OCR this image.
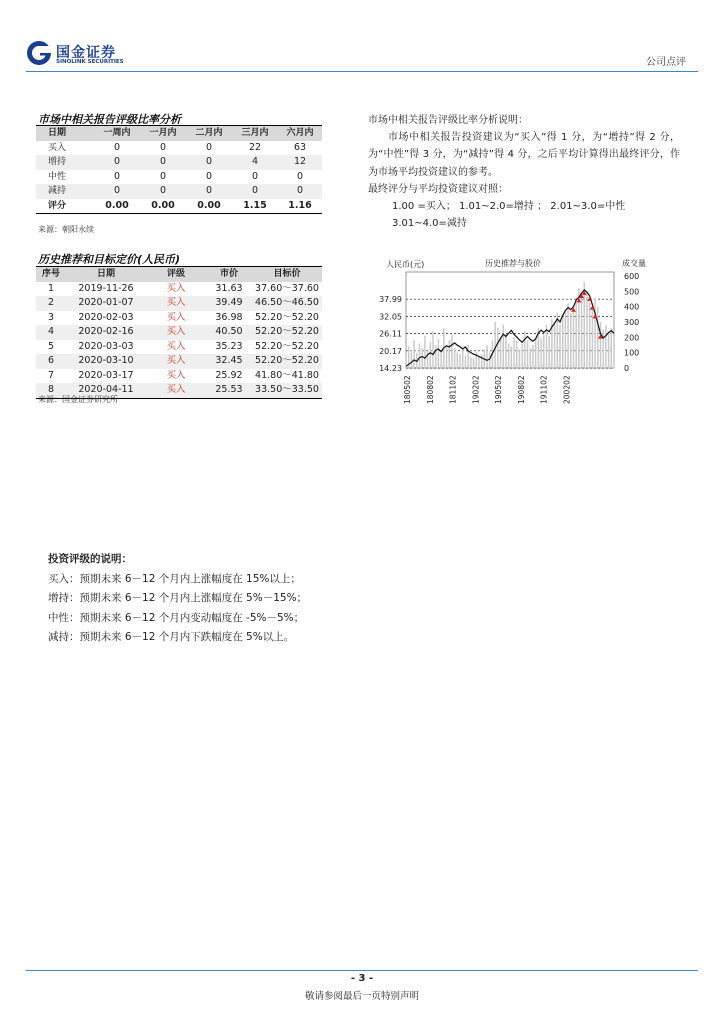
国金证券
SINOLINK SECURITIES	公司点评
市场中相关报告评级比率分析
日期	一周内	一月内	二月内	三月内	六月内
买入	0	0	0	22	63
增持	0	0	0	4	12
中性	0	0	0	0	0
减持	0	0	0	0	0
评分	0.00	0.00	0.00	1.15	1.16
来源：朝阳永续
历史推荐和目标定价(人民币)
序号	日期	评级	市价	目标价
1	2019-11-26	买入	31.63	37.60～37.60
2	2020-01-07	买入	39.49	46.50～46.50
3	2020-02-03	买入	36.98	52.20～52.20
4	2020-02-16	买入	40.50	52.20～52.20
5	2020-03-03	买入	35.23	52.20～52.20
6	2020-03-10	买入	32.45	52.20～52.20
7	2020-03-17	买入	25.92	41.80～41.80
8	2020-04-11	买入	25.53	33.50～33.50
来源：国金证券研究所

市场中相关报告评级比率分析说明：

市场中相关报告投资建议为“买入”得 1 分，为“增持”得 2 分，为“中性”得 3 分，为“减持”得 4 分，之后平均计算得出最终评分，作为市场平均投资建议的参考。

最终评分与平均投资建议对照：

1.00 =买入； 1.01~2.0=增持 ； 2.01~3.0=中性

3.01~4.0=减持

人民币(元)	历史推荐与股价	成交量
37.99
32.05
26.11
20.17
14.23
600
500
400
300
200
100
0
180502 180802 181102 190202 190502 190802 191102 200202
投资评级的说明：
买入：预期未来 6－12 个月内上涨幅度在 15%以上；
增持：预期未来 6－12 个月内上涨幅度在 5%－15%；
中性：预期未来 6－12 个月内变动幅度在 -5%－5%；
减持：预期未来 6－12 个月内下跌幅度在 5%以上。
- 3 -
敬请参阅最后一页特别声明
